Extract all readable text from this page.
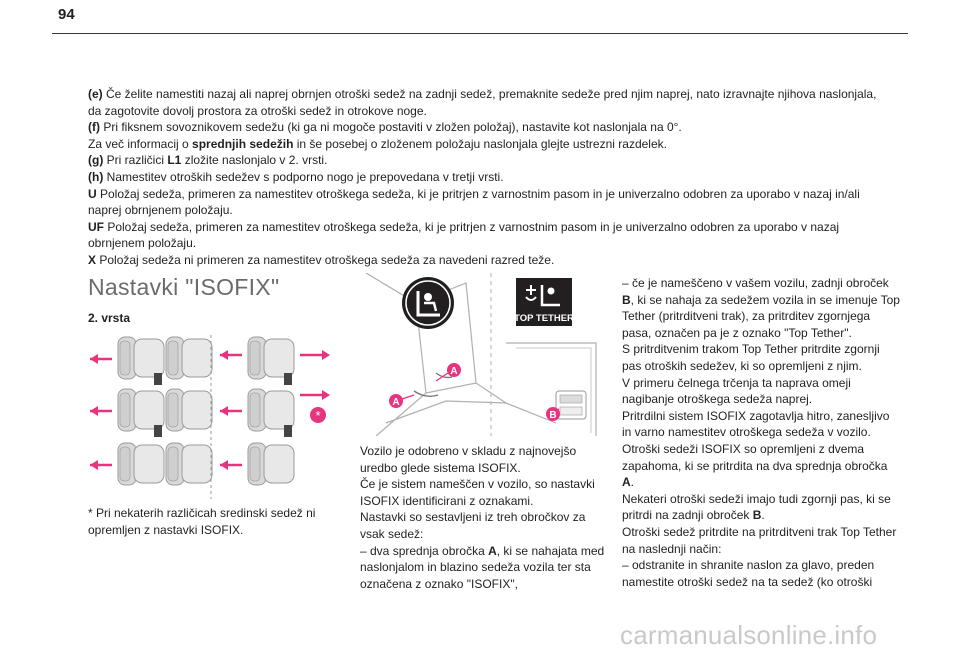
94

(e) Če želite namestiti nazaj ali naprej obrnjen otroški sedež na zadnji sedež, premaknite sedeže pred njim naprej, nato izravnajte njihova naslonjala, da zagotovite dovolj prostora za otroški sedež in otrokove noge.

(f) Pri fiksnem sovoznikovem sedežu (ki ga ni mogoče postaviti v zložen položaj), nastavite kot naslonjala na 0°.

Za več informacij o sprednjih sedežih in še posebej o zloženem položaju naslonjala glejte ustrezni razdelek.

(g) Pri različici L1 zložite naslonjalo v 2. vrsti.

(h) Namestitev otroških sedežev s podporno nogo je prepovedana v tretji vrsti.

U Položaj sedeža, primeren za namestitev otroškega sedeža, ki je pritrjen z varnostnim pasom in je univerzalno odobren za uporabo v nazaj in/ali naprej obrnjenem položaju.

UF Položaj sedeža, primeren za namestitev otroškega sedeža, ki je pritrjen z varnostnim pasom in je univerzalno odobren za uporabo v nazaj obrnjenem položaju.

X Položaj sedeža ni primeren za namestitev otroškega sedeža za navedeni razred teže.

Nastavki "ISOFIX"
2. vrsta
*
* Pri nekaterih različicah sredinski sedež ni opremljen z nastavki ISOFIX.
TOP TETHER
A
A
B

Vozilo je odobreno v skladu z najnovejšo uredbo glede sistema ISOFIX.

Če je sistem nameščen v vozilo, so nastavki ISOFIX identificirani z oznakami.

Nastavki so sestavljeni iz treh obročkov za vsak sedež:

– dva sprednja obročka A, ki se nahajata med naslonjalom in blazino sedeža vozila ter sta označena z oznako "ISOFIX",

– če je nameščeno v vašem vozilu, zadnji obroček B, ki se nahaja za sedežem vozila in se imenuje Top Tether (pritrditveni trak), za pritrditev zgornjega pasa, označen pa je z oznako "Top Tether".

S pritrditvenim trakom Top Tether pritrdite zgornji pas otroških sedežev, ki so opremljeni z njim.

V primeru čelnega trčenja ta naprava omeji nagibanje otroškega sedeža naprej.

Pritrdilni sistem ISOFIX zagotavlja hitro, zanesljivo in varno namestitev otroškega sedeža v vozilo.

Otroški sedeži ISOFIX so opremljeni z dvema zapahoma, ki se pritrdita na dva sprednja obročka A.

Nekateri otroški sedeži imajo tudi zgornji pas, ki se pritrdi na zadnji obroček B.

Otroški sedež pritrdite na pritrditveni trak Top Tether na naslednji način:

– odstranite in shranite naslon za glavo, preden namestite otroški sedež na ta sedež (ko otroški

carmanualsonline.info
